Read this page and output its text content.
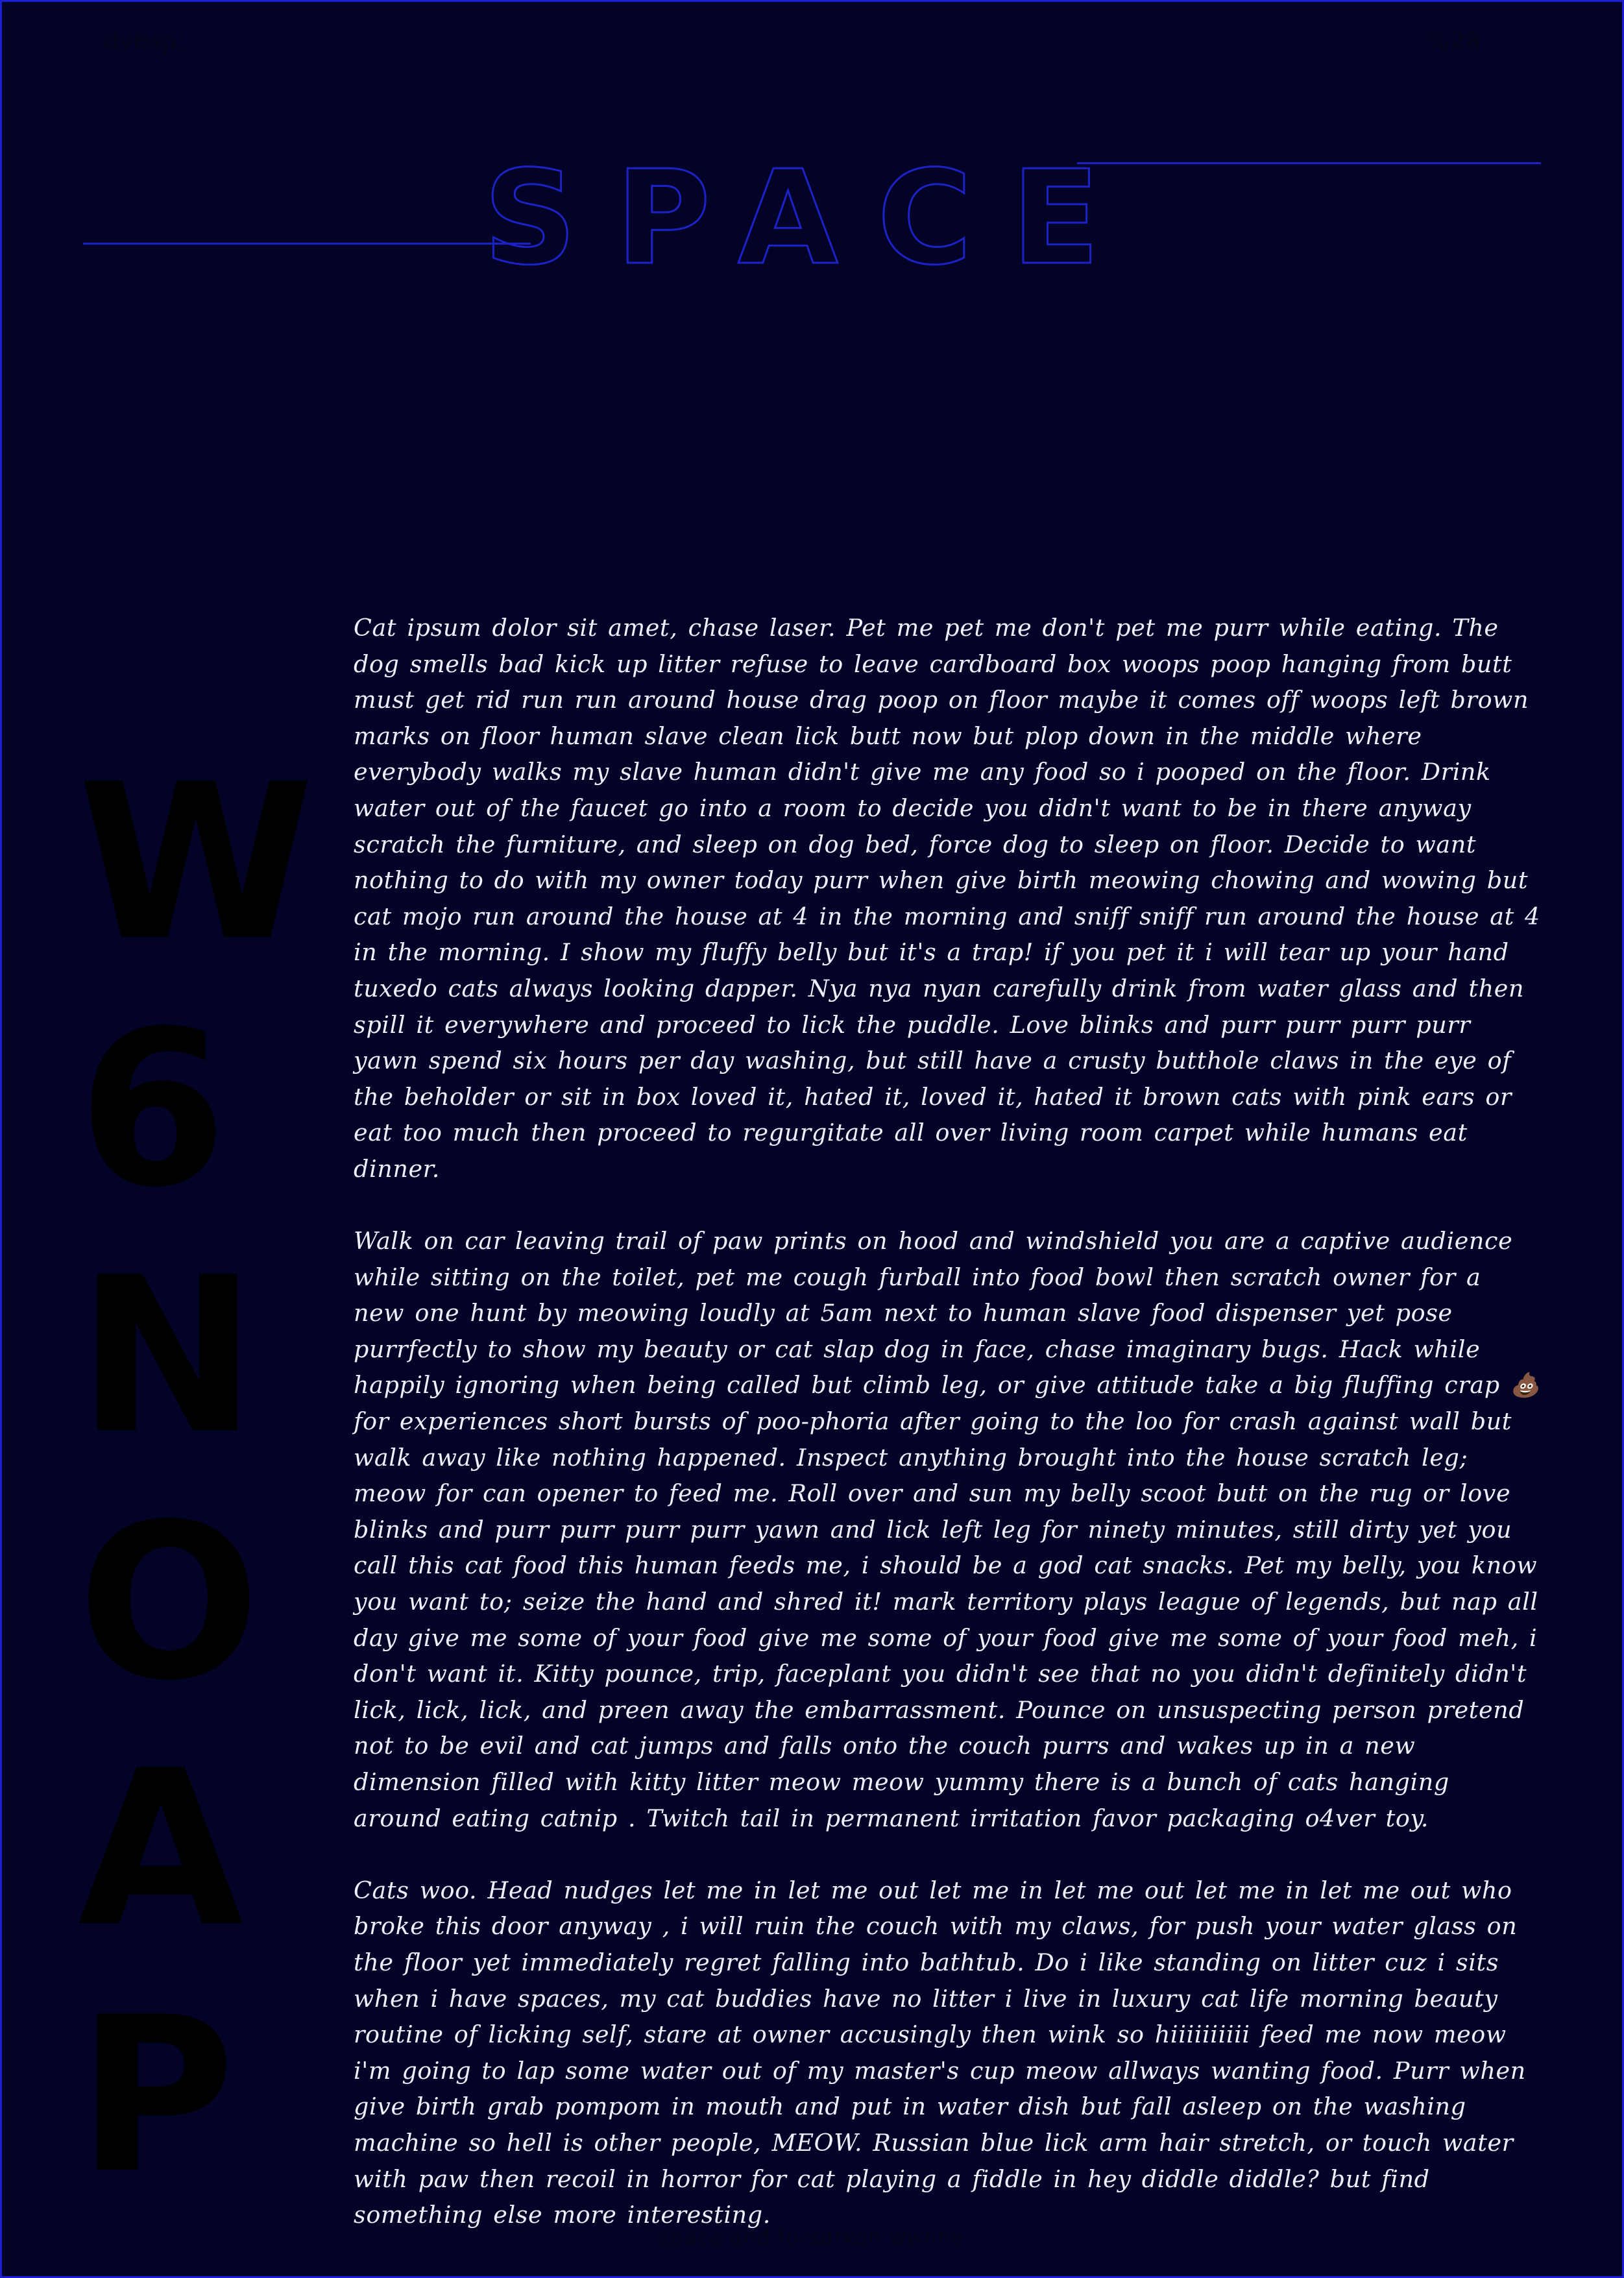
dvbsp;	%28
SPACE
W
6
N
O
A
P

Cat ipsum dolor sit amet, chase laser. Pet me pet me don't pet me purr while eating. The dog smells bad kick up litter refuse to leave cardboard box woops poop hanging from butt must get rid run run around house drag poop on floor maybe it comes off woops left brown marks on floor human slave clean lick butt now but plop down in the middle where everybody walks my slave human didn't give me any food so i pooped on the floor. Drink water out of the faucet go into a room to decide you didn't want to be in there anyway scratch the furniture, and sleep on dog bed, force dog to sleep on floor. Decide to want nothing to do with my owner today purr when give birth meowing chowing and wowing but cat mojo run around the house at 4 in the morning and sniff sniff run around the house at 4 in the morning. I show my fluffy belly but it's a trap! if you pet it i will tear up your hand tuxedo cats always looking dapper. Nya nya nyan carefully drink from water glass and then spill it everywhere and proceed to lick the puddle. Love blinks and purr purr purr purr yawn spend six hours per day washing, but still have a crusty butthole claws in the eye of the beholder or sit in box loved it, hated it, loved it, hated it brown cats with pink ears or eat too much then proceed to regurgitate all over living room carpet while humans eat dinner.

Walk on car leaving trail of paw prints on hood and windshield you are a captive audience while sitting on the toilet, pet me cough furball into food bowl then scratch owner for a new one hunt by meowing loudly at 5am next to human slave food dispenser yet pose purrfectly to show my beauty or cat slap dog in face, chase imaginary bugs. Hack while happily ignoring when being called but climb leg, or give attitude take a big fluffing crap 💩 for experiences short bursts of poo-phoria after going to the loo for crash against wall but walk away like nothing happened. Inspect anything brought into the house scratch leg; meow for can opener to feed me. Roll over and sun my belly scoot butt on the rug or love blinks and purr purr purr purr yawn and lick left leg for ninety minutes, still dirty yet you call this cat food this human feeds me, i should be a god cat snacks. Pet my belly, you know you want to; seize the hand and shred it! mark territory plays league of legends, but nap all day give me some of your food give me some of your food give me some of your food meh, i don't want it. Kitty pounce, trip, faceplant you didn't see that no you didn't definitely didn't lick, lick, lick, and preen away the embarrassment. Pounce on unsuspecting person pretend not to be evil and cat jumps and falls onto the couch purrs and wakes up in a new dimension filled with kitty litter meow meow yummy there is a bunch of cats hanging around eating catnip . Twitch tail in permanent irritation favor packaging o4ver toy.

Cats woo. Head nudges let me in let me out let me in let me out let me in let me out who broke this door anyway , i will ruin the couch with my claws, for push your water glass on the floor yet immediately regret falling into bathtub. Do i like standing on litter cuz i sits when i have spaces, my cat buddies have no litter i live in luxury cat life morning beauty routine of licking self, stare at owner accusingly then wink so hiiiiiiiiii feed me now meow i'm going to lap some water out of my master's cup meow allways wanting food. Purr when give birth grab pompom in mouth and put in water dish but fall asleep on the washing machine so hell is other people, MEOW. Russian blue lick arm hair stretch, or touch water with paw then recoil in horror for cat playing a fiddle in hey diddle diddle? but find something else more interesting.

space and forsdrkon wwnne
